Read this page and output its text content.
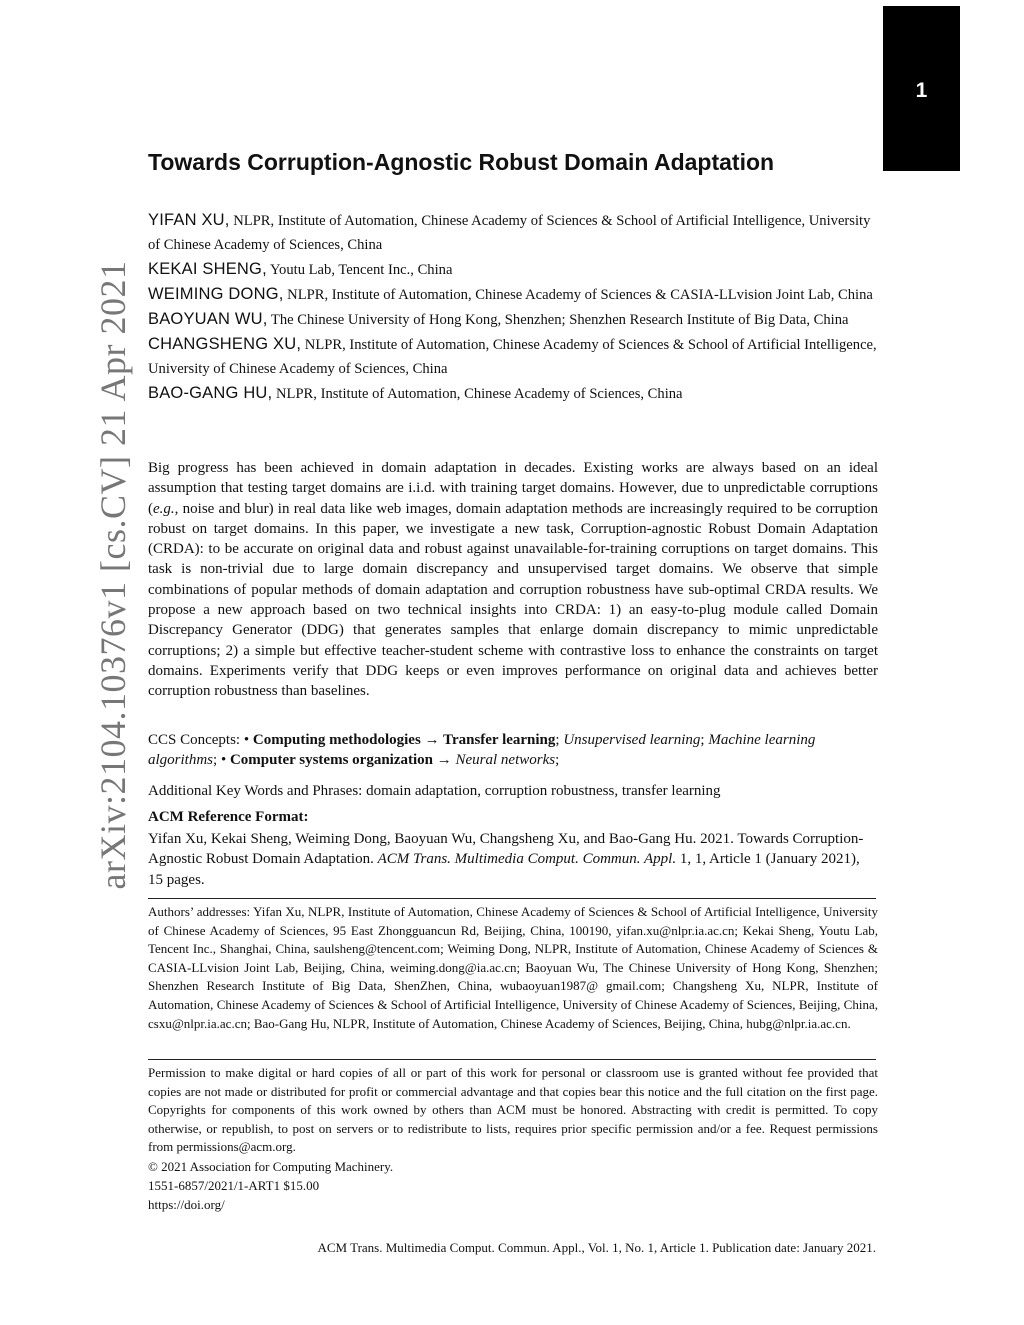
1
arXiv:2104.10376v1 [cs.CV] 21 Apr 2021
Towards Corruption-Agnostic Robust Domain Adaptation

YIFAN XU, NLPR, Institute of Automation, Chinese Academy of Sciences & School of Artificial Intelligence, University of Chinese Academy of Sciences, China

KEKAI SHENG, Youtu Lab, Tencent Inc., China

WEIMING DONG, NLPR, Institute of Automation, Chinese Academy of Sciences & CASIA-LLvision Joint Lab, China

BAOYUAN WU, The Chinese University of Hong Kong, Shenzhen; Shenzhen Research Institute of Big Data, China

CHANGSHENG XU, NLPR, Institute of Automation, Chinese Academy of Sciences & School of Artificial Intelligence, University of Chinese Academy of Sciences, China

BAO-GANG HU, NLPR, Institute of Automation, Chinese Academy of Sciences, China

Big progress has been achieved in domain adaptation in decades. Existing works are always based on an ideal assumption that testing target domains are i.i.d. with training target domains. However, due to unpredictable corruptions (e.g., noise and blur) in real data like web images, domain adaptation methods are increasingly required to be corruption robust on target domains. In this paper, we investigate a new task, Corruption-agnostic Robust Domain Adaptation (CRDA): to be accurate on original data and robust against unavailable-for-training corruptions on target domains. This task is non-trivial due to large domain discrepancy and unsupervised target domains. We observe that simple combinations of popular methods of domain adaptation and corruption robustness have sub-optimal CRDA results. We propose a new approach based on two technical insights into CRDA: 1) an easy-to-plug module called Domain Discrepancy Generator (DDG) that generates samples that enlarge domain discrepancy to mimic unpredictable corruptions; 2) a simple but effective teacher-student scheme with contrastive loss to enhance the constraints on target domains. Experiments verify that DDG keeps or even improves performance on original data and achieves better corruption robustness than baselines.

CCS Concepts: • Computing methodologies → Transfer learning; Unsupervised learning; Machine learning algorithms; • Computer systems organization → Neural networks;

Additional Key Words and Phrases: domain adaptation, corruption robustness, transfer learning

ACM Reference Format:

Yifan Xu, Kekai Sheng, Weiming Dong, Baoyuan Wu, Changsheng Xu, and Bao-Gang Hu. 2021. Towards Corruption-Agnostic Robust Domain Adaptation. ACM Trans. Multimedia Comput. Commun. Appl. 1, 1, Article 1 (January 2021), 15 pages.

Authors’ addresses: Yifan Xu, NLPR, Institute of Automation, Chinese Academy of Sciences & School of Artificial Intelligence, University of Chinese Academy of Sciences, 95 East Zhongguancun Rd, Beijing, China, 100190, yifan.xu@nlpr.ia.ac.cn; Kekai Sheng, Youtu Lab, Tencent Inc., Shanghai, China, saulsheng@tencent.com; Weiming Dong, NLPR, Institute of Automation, Chinese Academy of Sciences & CASIA-LLvision Joint Lab, Beijing, China, weiming.dong@ia.ac.cn; Baoyuan Wu, The Chinese University of Hong Kong, Shenzhen; Shenzhen Research Institute of Big Data, ShenZhen, China, wubaoyuan1987@ gmail.com; Changsheng Xu, NLPR, Institute of Automation, Chinese Academy of Sciences & School of Artificial Intelligence, University of Chinese Academy of Sciences, Beijing, China, csxu@nlpr.ia.ac.cn; Bao-Gang Hu, NLPR, Institute of Automation, Chinese Academy of Sciences, Beijing, China, hubg@nlpr.ia.ac.cn.

Permission to make digital or hard copies of all or part of this work for personal or classroom use is granted without fee provided that copies are not made or distributed for profit or commercial advantage and that copies bear this notice and the full citation on the first page. Copyrights for components of this work owned by others than ACM must be honored. Abstracting with credit is permitted. To copy otherwise, or republish, to post on servers or to redistribute to lists, requires prior specific permission and/or a fee. Request permissions from permissions@acm.org.

© 2021 Association for Computing Machinery.

1551-6857/2021/1-ART1 $15.00

https://doi.org/

ACM Trans. Multimedia Comput. Commun. Appl., Vol. 1, No. 1, Article 1. Publication date: January 2021.
